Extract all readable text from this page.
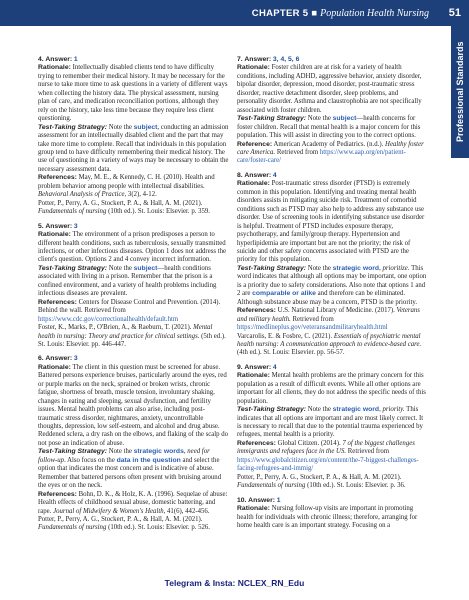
CHAPTER 5 ■ Population Health Nursing 51
Professional Standards

4. Answer: 1

Rationale: Intellectually disabled clients tend to have difficulty trying to remember their medical history. It may be necessary for the nurse to take more time to ask questions in a variety of different ways when collecting the history data. The physical assessment, nursing plan of care, and medication reconciliation portions, although they rely on the history, take less time because they require less client questioning.

Test-Taking Strategy: Note the subject, conducting an admission assessment for an intellectually disabled client and the part that may take more time to complete. Recall that individuals in this population group tend to have difficulty remembering their medical history. The use of questioning in a variety of ways may be necessary to obtain the necessary assessment data.

References: May, M. E., & Kennedy, C. H. (2010). Health and problem behavior among people with intellectual disabilities. Behavioral Analysis of Practice, 3(2), 4-12.

Potter, P., Perry, A. G., Stockert, P. A., & Hall, A. M. (2021). Fundamentals of nursing (10th ed.). St. Louis: Elsevier. p. 359.

5. Answer: 3

Rationale: The environment of a prison predisposes a person to different health conditions, such as tuberculosis, sexually transmitted infections, or other infectious diseases. Option 1 does not address the client's question. Options 2 and 4 convey incorrect information.

Test-Taking Strategy: Note the subject—health conditions associated with living in a prison. Remember that the prison is a confined environment, and a variety of health problems including infectious diseases are prevalent.

References: Centers for Disease Control and Prevention. (2014). Behind the wall. Retrieved from https://www.cdc.gov/correctionalhealth/default.htm

Foster, K., Marks, P., O'Brien, A., & Raeburn, T. (2021). Mental health in nursing: Theory and practice for clinical settings. (5th ed.). St. Louis: Elsevier. pp. 446-447.

6. Answer: 3

Rationale: The client in this question must be screened for abuse. Battered persons experience bruises, particularly around the eyes, red or purple marks on the neck, sprained or broken wrists, chronic fatigue, shortness of breath, muscle tension, involuntary shaking, changes in eating and sleeping, sexual dysfunction, and fertility issues. Mental health problems can also arise, including post-traumatic stress disorder, nightmares, anxiety, uncontrollable thoughts, depression, low self-esteem, and alcohol and drug abuse. Reddened sclera, a dry rash on the elbows, and flaking of the scalp do not pose an indication of abuse.

Test-Taking Strategy: Note the strategic words, need for follow-up. Also focus on the data in the question and select the option that indicates the most concern and is indicative of abuse. Remember that battered persons often present with bruising around the eyes or on the neck.

References: Bohn, D. K., & Holz, K. A. (1996). Sequelae of abuse: Health effects of childhood sexual abuse, domestic battering, and rape. Journal of Midwifery & Women's Health, 41(6), 442-456.

Potter, P., Perry, A. G., Stockert, P. A., & Hall, A. M. (2021). Fundamentals of nursing (10th ed.). St. Louis: Elsevier. p. 526.

7. Answer: 3, 4, 5, 6

Rationale: Foster children are at risk for a variety of health conditions, including ADHD, aggressive behavior, anxiety disorder, bipolar disorder, depression, mood disorder, post-traumatic stress disorder, reactive detachment disorder, sleep problems, and personality disorder. Asthma and claustrophobia are not specifically associated with foster children.

Test-Taking Strategy: Note the subject—health concerns for foster children. Recall that mental health is a major concern for this population. This will assist in directing you to the correct options.

Reference: American Academy of Pediatrics. (n.d.). Healthy foster care America. Retrieved from https://www.aap.org/en/patient-care/foster-care/

8. Answer: 4

Rationale: Post-traumatic stress disorder (PTSD) is extremely common in this population. Identifying and treating mental health disorders assists in mitigating suicide risk. Treatment of comorbid conditions such as PTSD may also help to address any substance use disorder. Use of screening tools in identifying substance use disorder is helpful. Treatment of PTSD includes exposure therapy, psychotherapy, and family/group therapy. Hypertension and hyperlipidemia are important but are not the priority; the risk of suicide and other safety concerns associated with PTSD are the priority for this population.

Test-Taking Strategy: Note the strategic word, prioritize. This word indicates that although all options may be important, one option is a priority due to safety considerations. Also note that options 1 and 2 are comparable or alike and therefore can be eliminated. Although substance abuse may be a concern, PTSD is the priority.

References: U.S. National Library of Medicine. (2017). Veterans and military health. Retrieved from https://medlineplus.gov/veteransandmilitaryhealth.html

Varcarolis, E. & Fosbre, C. (2021). Essentials of psychiatric mental health nursing: A communication approach to evidence-based care. (4th ed.). St. Louis: Elsevier. pp. 56-57.

9. Answer: 4

Rationale: Mental health problems are the primary concern for this population as a result of difficult events. While all other options are important for all clients, they do not address the specific needs of this population.

Test-Taking Strategy: Note the strategic word, priority. This indicates that all options are important and are most likely correct. It is necessary to recall that due to the potential trauma experienced by refugees, mental health is a priority.

References: Global Citizen. (2014). 7 of the biggest challenges immigrants and refugees face in the US. Retrieved from https://www.globalcitizen.org/en/content/the-7-biggest-challenges-facing-refugees-and-immig/

Potter, P., Perry, A. G., Stockert, P. A., & Hall, A. M. (2021). Fundamentals of nursing (10th ed.). St. Louis: Elsevier. p. 36.

10. Answer: 1

Rationale: Nursing follow-up visits are important in promoting health for individuals with chronic illness; therefore, arranging for home health care is an important strategy. Focusing on a

Telegram & Insta: NCLEX_RN_Edu
